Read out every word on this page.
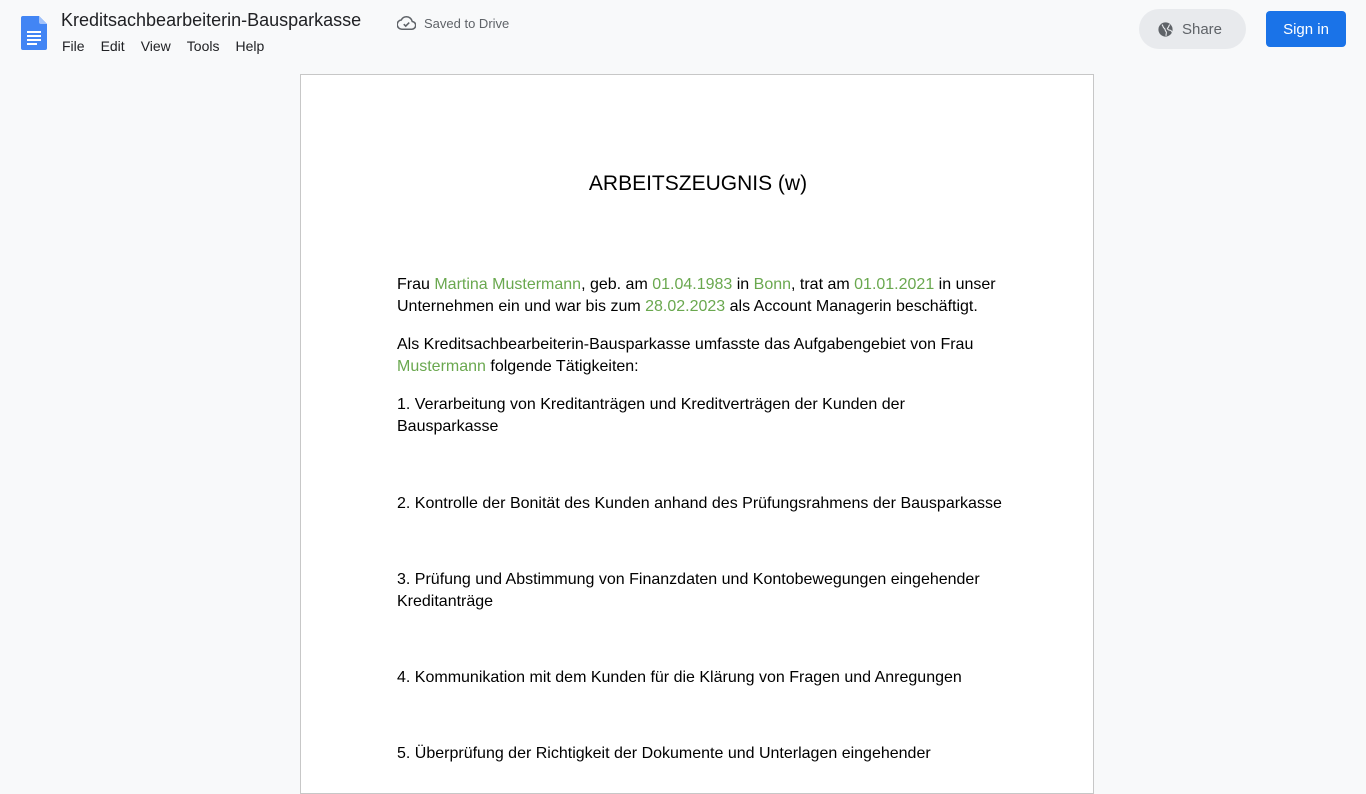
Kreditsachbearbeiterin-Bausparkasse	Saved to Drive
File	Edit	View	Tools	Help
Share	Sign in
ARBEITSZEUGNIS (w)
Frau Martina Mustermann, geb. am 01.04.1983 in Bonn, trat am 01.01.2021 in unser Unternehmen ein und war bis zum 28.02.2023 als Account Managerin beschäftigt.
Als Kreditsachbearbeiterin-Bausparkasse umfasste das Aufgabengebiet von Frau Mustermann folgende Tätigkeiten:
1. Verarbeitung von Kreditanträgen und Kreditverträgen der Kunden der Bausparkasse
2. Kontrolle der Bonität des Kunden anhand des Prüfungsrahmens der Bausparkasse
3. Prüfung und Abstimmung von Finanzdaten und Kontobewegungen eingehender Kreditanträge
4. Kommunikation mit dem Kunden für die Klärung von Fragen und Anregungen
5. Überprüfung der Richtigkeit der Dokumente und Unterlagen eingehender
